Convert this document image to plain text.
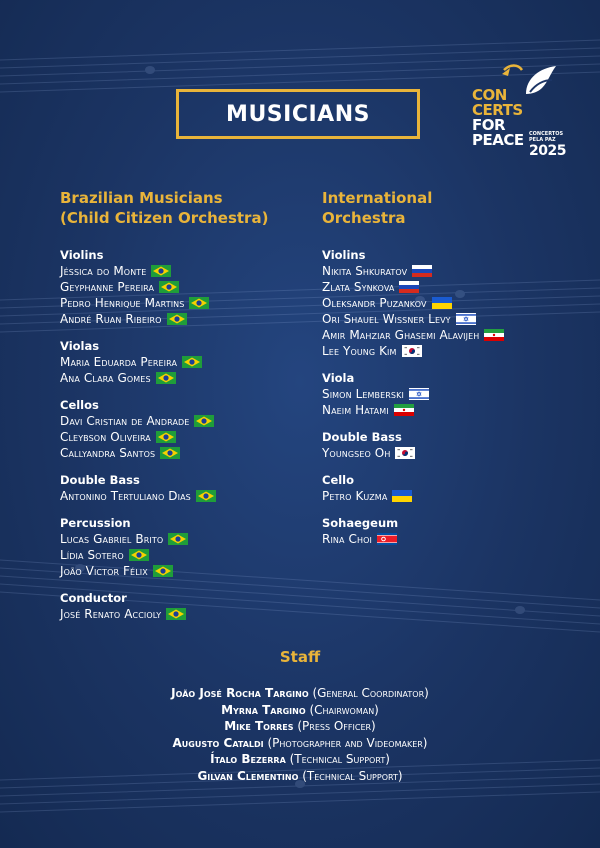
MUSICIANS
CON
CERTS
FOR
PEACE CONCERTOS
PELA PAZ
2025
Brazilian Musicians
(Child Citizen Orchestra)
Violins
Jéssica do Monte
Geyphanne Pereira
Pedro Henrique Martins
André Ruan Ribeiro
Violas
Maria Eduarda Pereira
Ana Clara Gomes
Cellos
Davi Cristian de Andrade
Cleybson Oliveira
Callyandra Santos
Double Bass
Antonino Tertuliano Dias
Percussion
Lucas Gabriel Brito
Lídia Sotero
João Victor Félix
Conductor
José Renato Accioly
International
Orchestra
Violins
Nikita Shkuratov
Zlata Synkova
Oleksandr Puzankov
Ori Shauel Wissner Levy
Amir Mahziar Ghasemi Alavijeh
Lee Young Kim
Viola
Simon Lemberski
Naeim Hatami
Double Bass
Youngseo Oh
Cello
Petro Kuzma
Sohaegeum
Rina Choi
Staff
João José Rocha Targino (General Coordinator)
Myrna Targino (Chairwoman)
Mike Torres (Press Officer)
Augusto Cataldi (Photographer and Videomaker)
Ítalo Bezerra (Technical Support)
Gilvan Clementino (Technical Support)
